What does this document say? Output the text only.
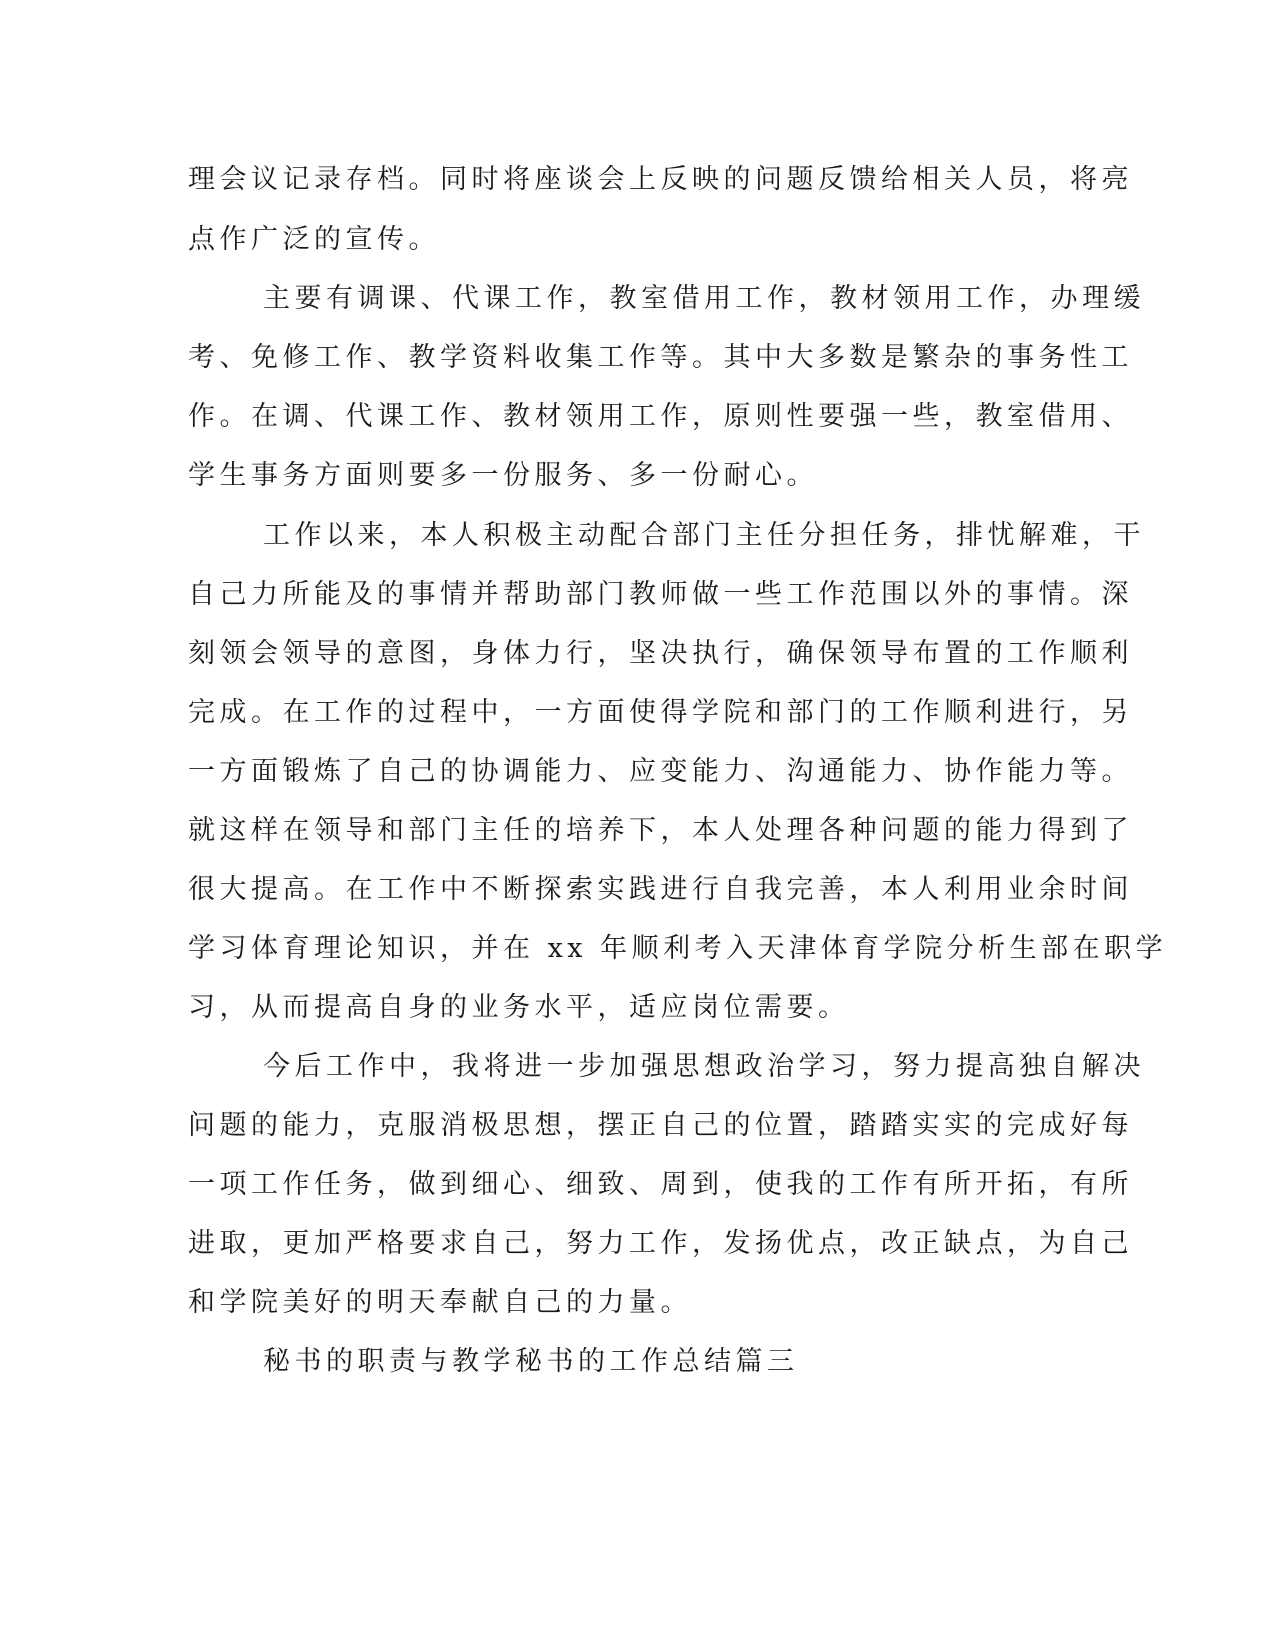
理会议记录存档。同时将座谈会上反映的问题反馈给相关人员，将亮
点作广泛的宣传。
主要有调课、代课工作，教室借用工作，教材领用工作，办理缓
考、免修工作、教学资料收集工作等。其中大多数是繁杂的事务性工
作。在调、代课工作、教材领用工作，原则性要强一些，教室借用、
学生事务方面则要多一份服务、多一份耐心。
工作以来，本人积极主动配合部门主任分担任务，排忧解难，干
自己力所能及的事情并帮助部门教师做一些工作范围以外的事情。深
刻领会领导的意图，身体力行，坚决执行，确保领导布置的工作顺利
完成。在工作的过程中，一方面使得学院和部门的工作顺利进行，另
一方面锻炼了自己的协调能力、应变能力、沟通能力、协作能力等。
就这样在领导和部门主任的培养下，本人处理各种问题的能力得到了
很大提高。在工作中不断探索实践进行自我完善，本人利用业余时间
学习体育理论知识，并在 xx 年顺利考入天津体育学院分析生部在职学
习，从而提高自身的业务水平，适应岗位需要。
今后工作中，我将进一步加强思想政治学习，努力提高独自解决
问题的能力，克服消极思想，摆正自己的位置，踏踏实实的完成好每
一项工作任务，做到细心、细致、周到，使我的工作有所开拓，有所
进取，更加严格要求自己，努力工作，发扬优点，改正缺点，为自己
和学院美好的明天奉献自己的力量。
秘书的职责与教学秘书的工作总结篇三
